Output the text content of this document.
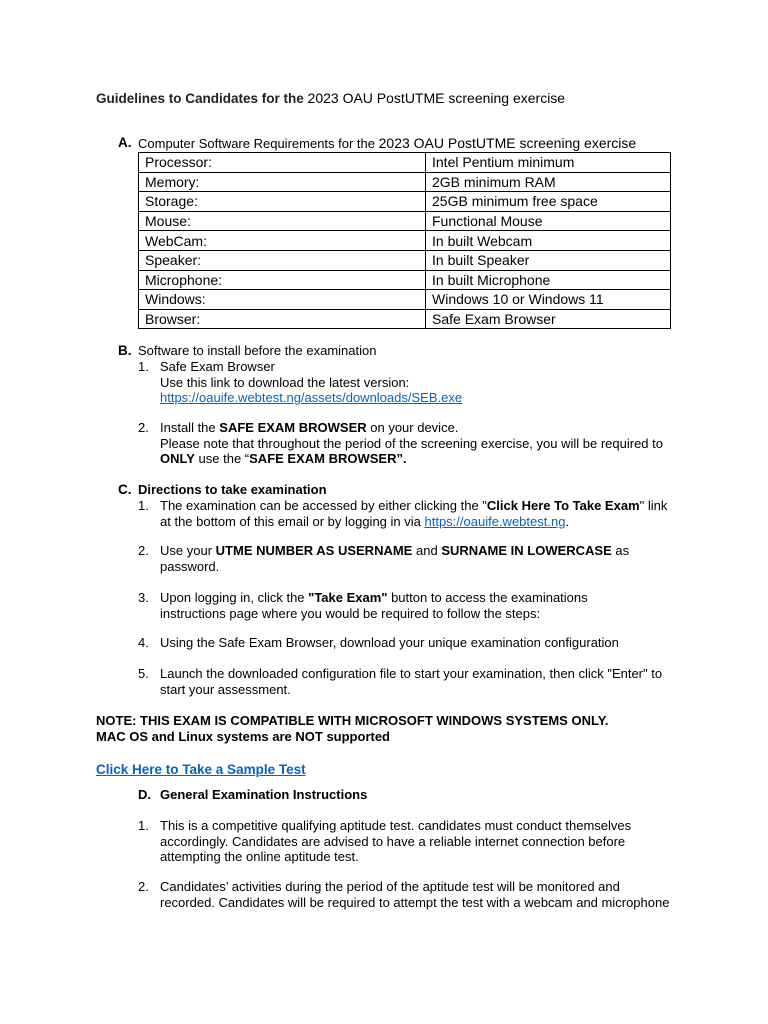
Guidelines to Candidates for the 2023 OAU PostUTME screening exercise
A. Computer Software Requirements for the 2023 OAU PostUTME screening exercise
Processor:	Intel Pentium minimum
Memory:	2GB minimum RAM
Storage:	25GB minimum free space
Mouse:	Functional Mouse
WebCam:	In built Webcam
Speaker:	In built Speaker
Microphone:	In built Microphone
Windows:	Windows 10 or Windows 11
Browser:	Safe Exam Browser
B. Software to install before the examination
1. Safe Exam Browser
Use this link to download the latest version:
https://oauife.webtest.ng/assets/downloads/SEB.exe
2. Install the SAFE EXAM BROWSER on your device.
Please note that throughout the period of the screening exercise, you will be required to
ONLY use the “SAFE EXAM BROWSER”.
C. Directions to take examination
1. The examination can be accessed by either clicking the "Click Here To Take Exam" link
at the bottom of this email or by logging in via https://oauife.webtest.ng.
2. Use your UTME NUMBER AS USERNAME and SURNAME IN LOWERCASE as
password.
3. Upon logging in, click the "Take Exam" button to access the examinations
instructions page where you would be required to follow the steps:
4. Using the Safe Exam Browser, download your unique examination configuration
5. Launch the downloaded configuration file to start your examination, then click "Enter" to
start your assessment.
NOTE: THIS EXAM IS COMPATIBLE WITH MICROSOFT WINDOWS SYSTEMS ONLY.
MAC OS and Linux systems are NOT supported
Click Here to Take a Sample Test
D. General Examination Instructions
1. This is a competitive qualifying aptitude test. candidates must conduct themselves
accordingly. Candidates are advised to have a reliable internet connection before
attempting the online aptitude test.
2. Candidates’ activities during the period of the aptitude test will be monitored and
recorded. Candidates will be required to attempt the test with a webcam and microphone
